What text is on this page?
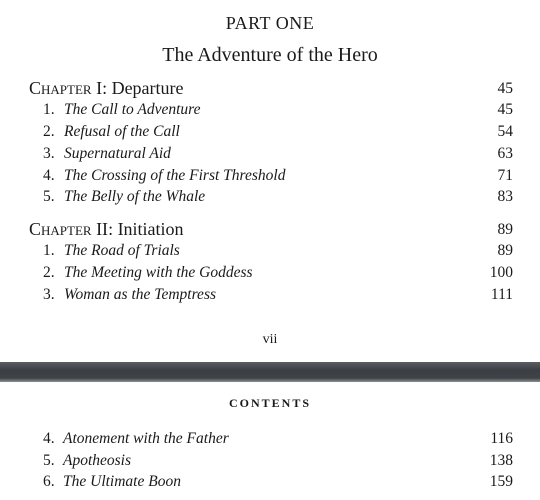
PART ONE
The Adventure of the Hero
Chapter I: Departure	45
1. The Call to Adventure	45
2. Refusal of the Call	54
3. Supernatural Aid	63
4. The Crossing of the First Threshold	71
5. The Belly of the Whale	83
Chapter II: Initiation	89
1. The Road of Trials	89
2. The Meeting with the Goddess	100
3. Woman as the Temptress	111
vii
CONTENTS
4. Atonement with the Father	116
5. Apotheosis	138
6. The Ultimate Boon	159
